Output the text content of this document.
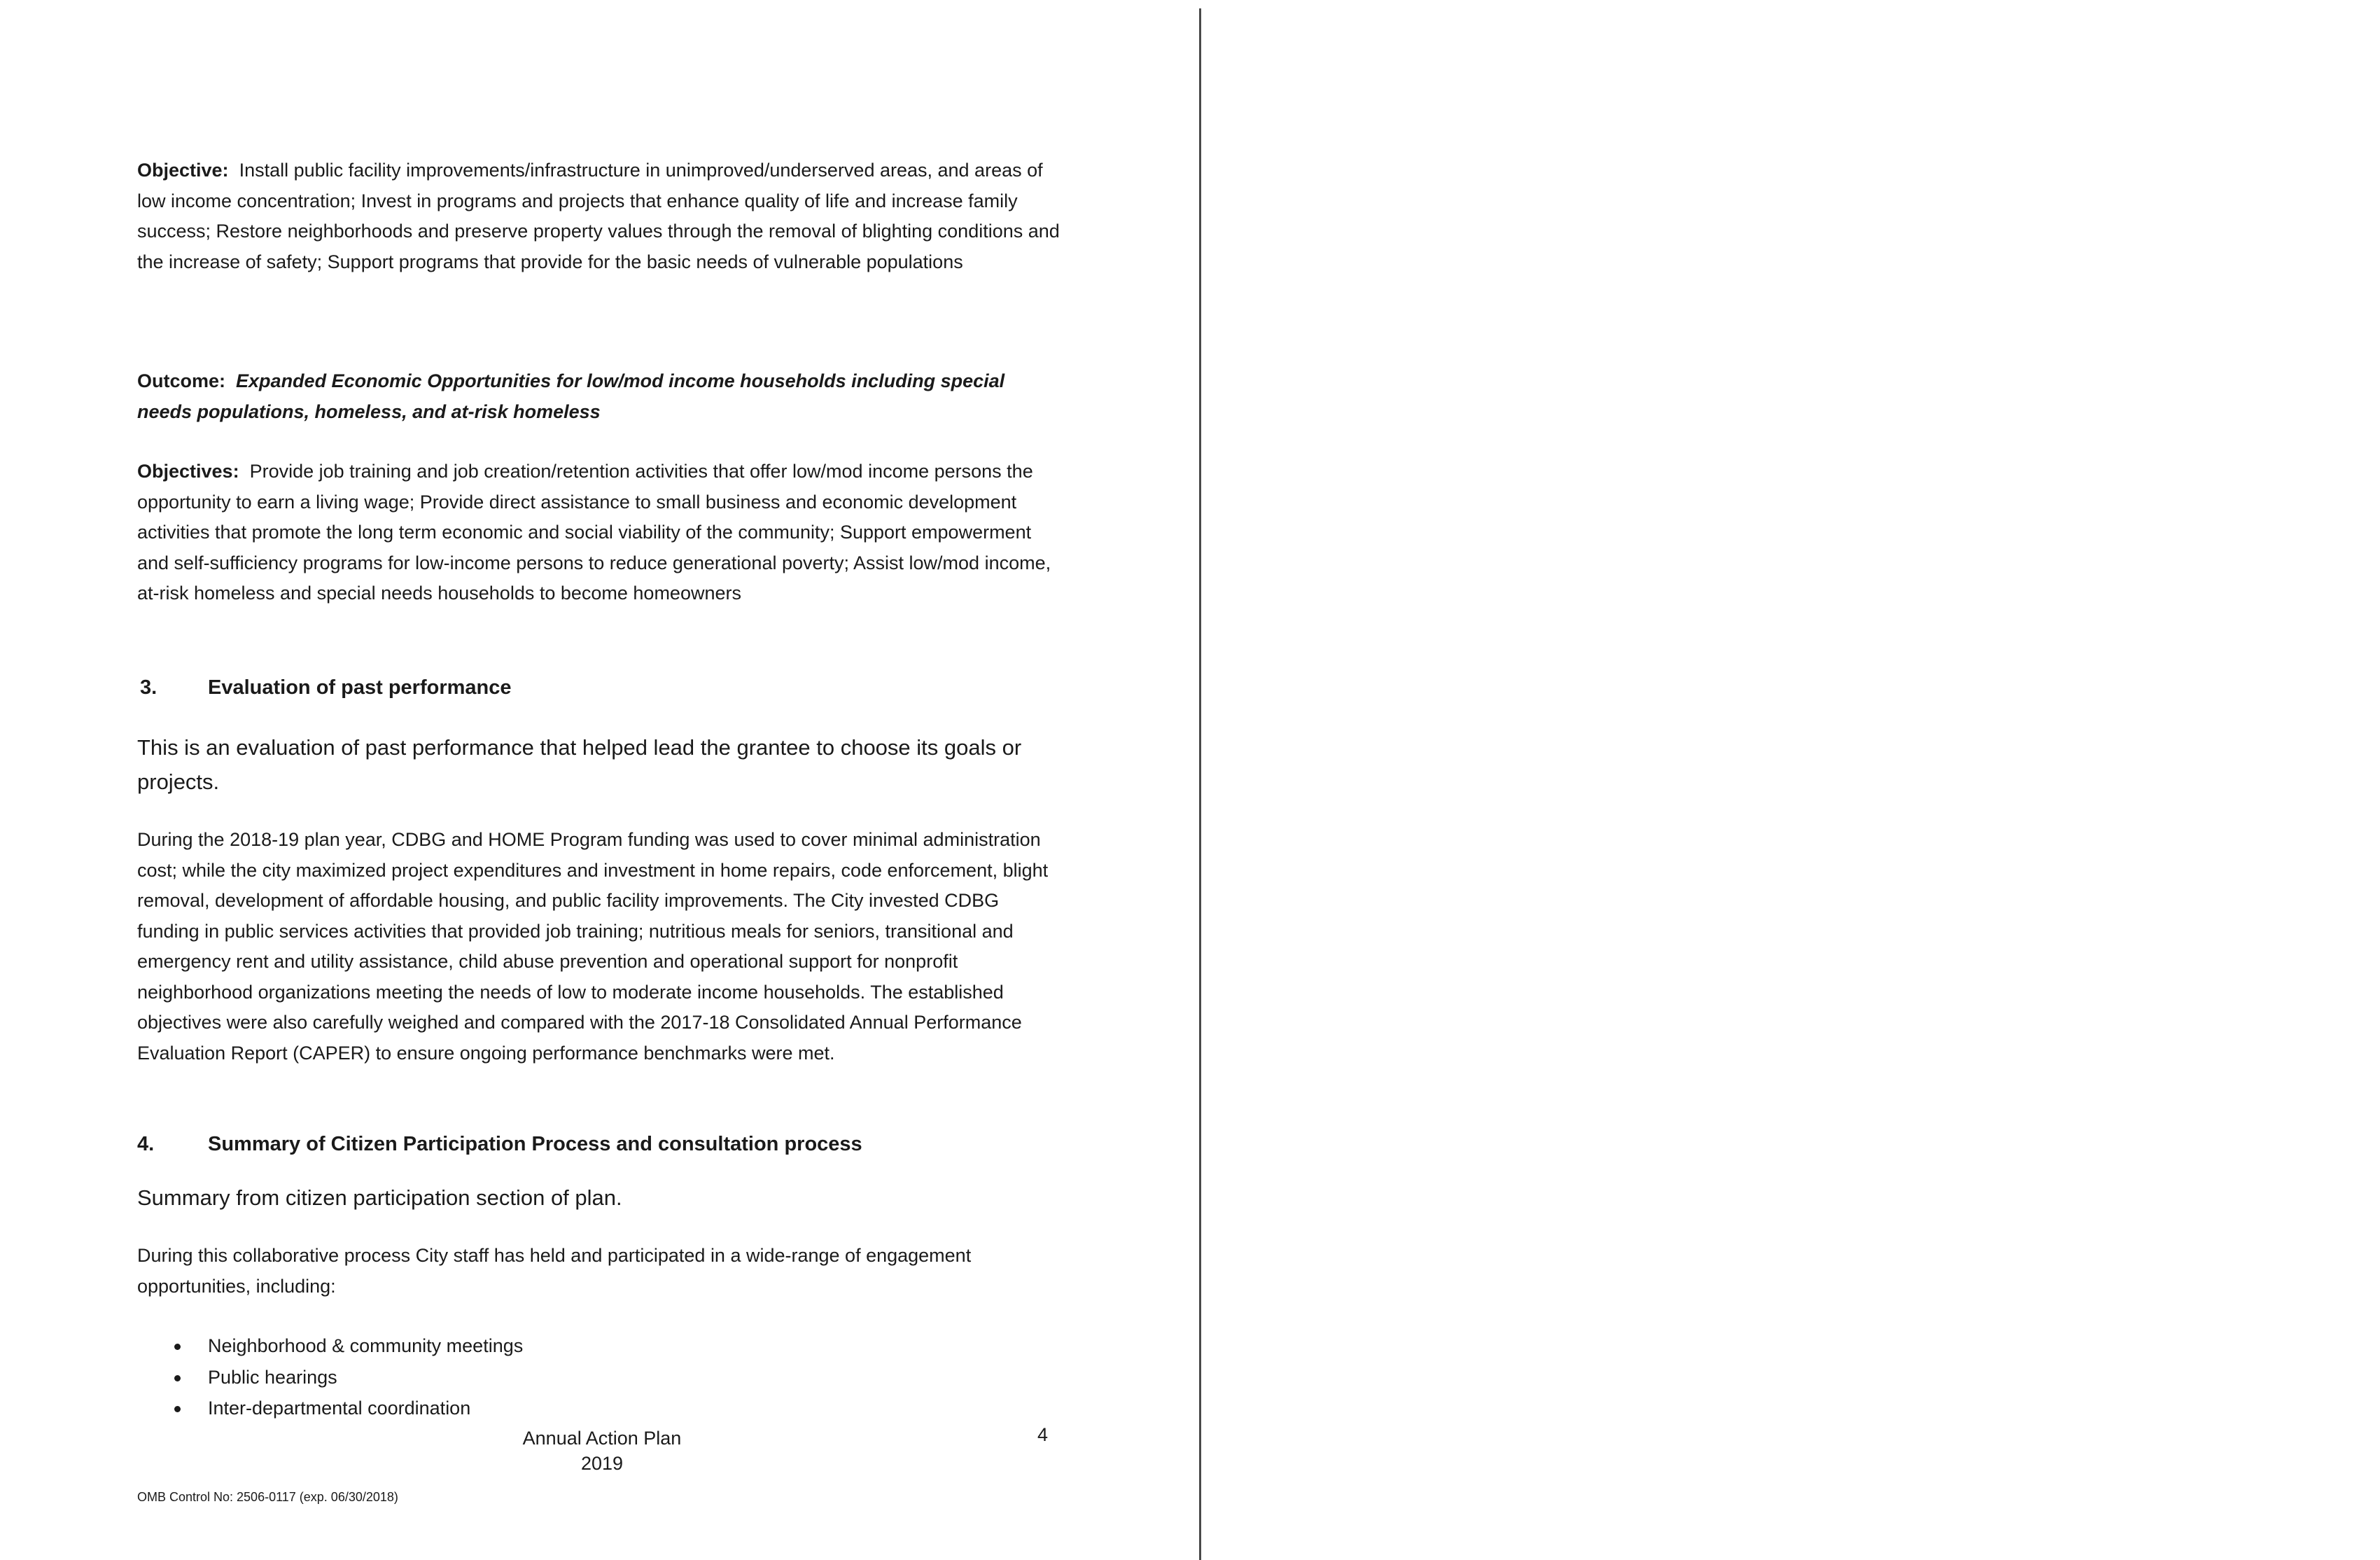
Objective: Install public facility improvements/infrastructure in unimproved/underserved areas, and areas of low income concentration; Invest in programs and projects that enhance quality of life and increase family success; Restore neighborhoods and preserve property values through the removal of blighting conditions and the increase of safety; Support programs that provide for the basic needs of vulnerable populations
Outcome: Expanded Economic Opportunities for low/mod income households including special needs populations, homeless, and at-risk homeless
Objectives: Provide job training and job creation/retention activities that offer low/mod income persons the opportunity to earn a living wage; Provide direct assistance to small business and economic development activities that promote the long term economic and social viability of the community; Support empowerment and self-sufficiency programs for low-income persons to reduce generational poverty; Assist low/mod income, at-risk homeless and special needs households to become homeowners
3.	Evaluation of past performance
This is an evaluation of past performance that helped lead the grantee to choose its goals or projects.
During the 2018-19 plan year, CDBG and HOME Program funding was used to cover minimal administration cost; while the city maximized project expenditures and investment in home repairs, code enforcement, blight removal, development of affordable housing, and public facility improvements. The City invested CDBG funding in public services activities that provided job training; nutritious meals for seniors, transitional and emergency rent and utility assistance, child abuse prevention and operational support for nonprofit neighborhood organizations meeting the needs of low to moderate income households. The established objectives were also carefully weighed and compared with the 2017-18 Consolidated Annual Performance Evaluation Report (CAPER) to ensure ongoing performance benchmarks were met.
4.	Summary of Citizen Participation Process and consultation process
Summary from citizen participation section of plan.
During this collaborative process City staff has held and participated in a wide-range of engagement opportunities, including:
Neighborhood & community meetings
Public hearings
Inter-departmental coordination
Annual Action Plan
2019
4
OMB Control No: 2506-0117 (exp. 06/30/2018)
